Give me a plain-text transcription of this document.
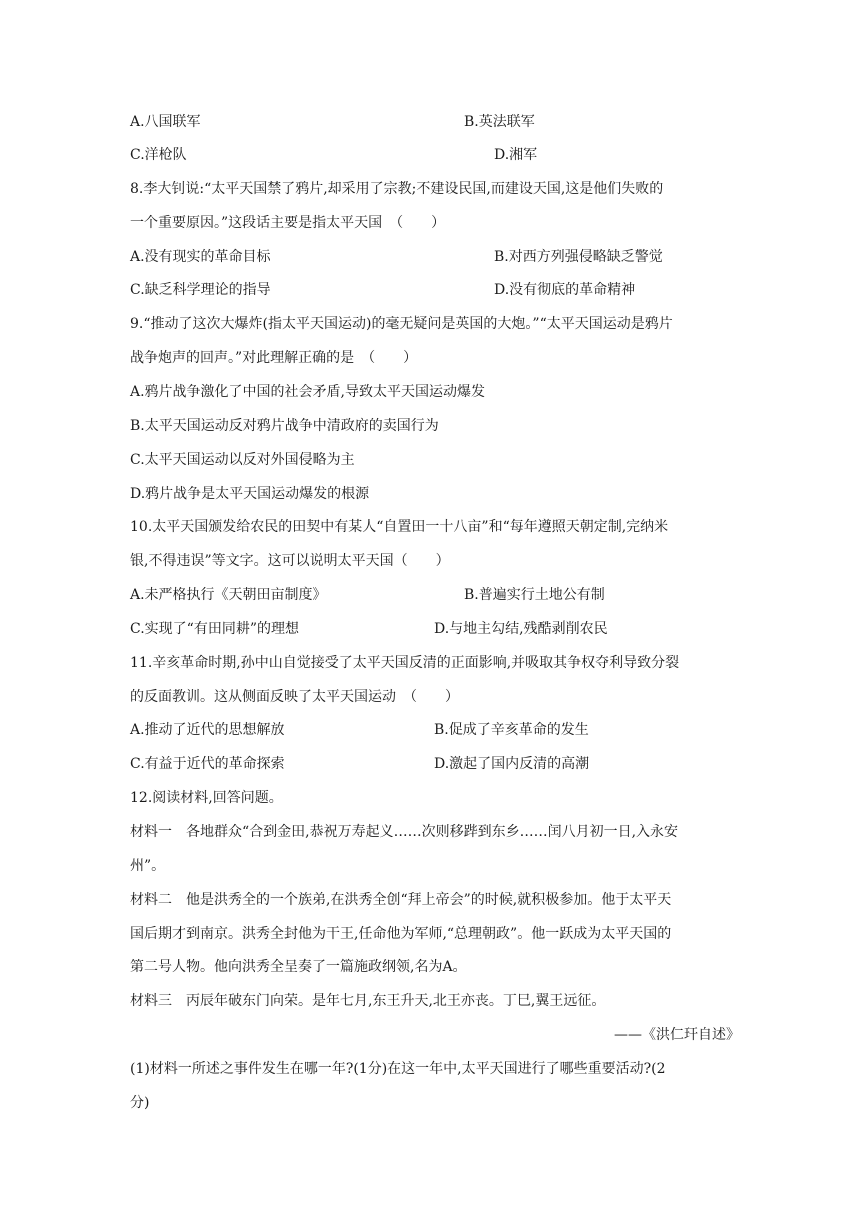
A.八国联军	B.英法联军
C.洋枪队	D.湘军
8.李大钊说:“太平天国禁了鸦片,却采用了宗教;不建设民国,而建设天国,这是他们失败的
一个重要原因。”这段话主要是指太平天国　（　　）
A.没有现实的革命目标	B.对西方列强侵略缺乏警觉
C.缺乏科学理论的指导	D.没有彻底的革命精神
9.“推动了这次大爆炸(指太平天国运动)的毫无疑问是英国的大炮。”“太平天国运动是鸦片
战争炮声的回声。”对此理解正确的是　（　　）
A.鸦片战争激化了中国的社会矛盾,导致太平天国运动爆发
B.太平天国运动反对鸦片战争中清政府的卖国行为
C.太平天国运动以反对外国侵略为主
D.鸦片战争是太平天国运动爆发的根源
10.太平天国颁发给农民的田契中有某人“自置田一十八亩”和“每年遵照天朝定制,完纳米
银,不得违误”等文字。这可以说明太平天国（　　）
A.未严格执行《天朝田亩制度》	B.普遍实行土地公有制
C.实现了“有田同耕”的理想	D.与地主勾结,残酷剥削农民
11.辛亥革命时期,孙中山自觉接受了太平天国反清的正面影响,并吸取其争权夺利导致分裂
的反面教训。这从侧面反映了太平天国运动　（　　）
A.推动了近代的思想解放	B.促成了辛亥革命的发生
C.有益于近代的革命探索	D.激起了国内反清的高潮
12.阅读材料,回答问题。
材料一　各地群众“合到金田,恭祝万寿起义……次则移跸到东乡……闰八月初一日,入永安
州”。
材料二　他是洪秀全的一个族弟,在洪秀全创“拜上帝会”的时候,就积极参加。他于太平天
国后期才到南京。洪秀全封他为干王,任命他为军师,“总理朝政”。他一跃成为太平天国的
第二号人物。他向洪秀全呈奏了一篇施政纲领,名为A。
材料三　丙辰年破东门向荣。是年七月,东王升天,北王亦丧。丁巳,翼王远征。
——《洪仁玕自述》
(1)材料一所述之事件发生在哪一年?(1分)在这一年中,太平天国进行了哪些重要活动?(2
分)
